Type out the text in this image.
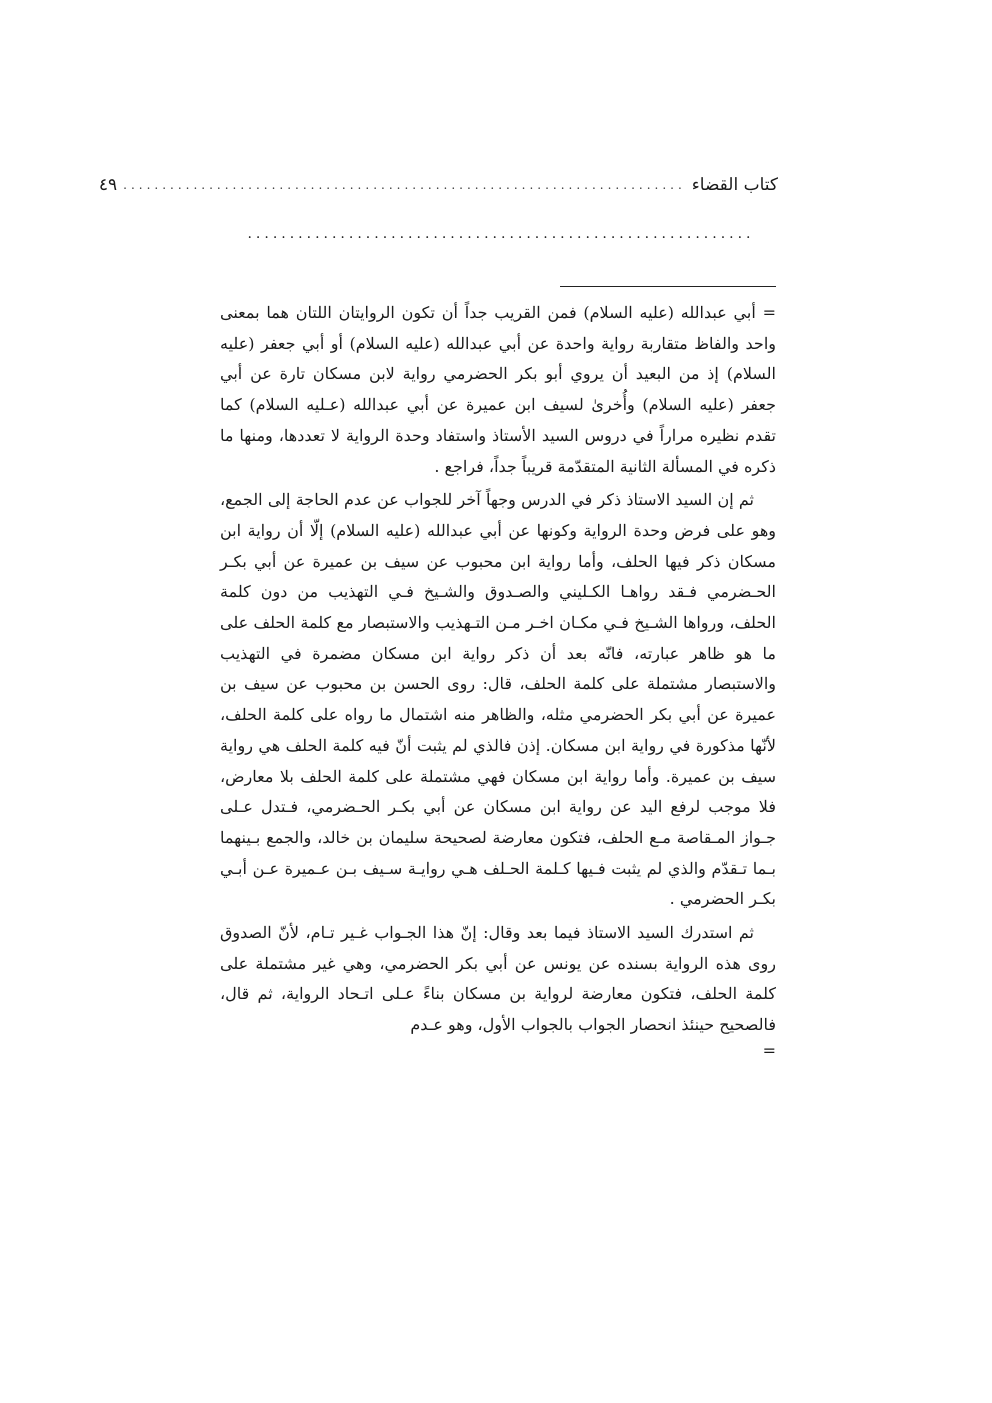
كتاب القضاء
........................................................................
٤٩
............................................................

= أبي عبدالله (عليه السلام) فمن القريب جداً أن تكون الروايتان اللتان هما بمعنى واحد والفاظ متقاربة رواية واحدة عن أبي عبدالله (عليه السلام) أو أبي جعفر (عليه السلام) إذ من البعيد أن يروي أبو بكر الحضرمي رواية لابن مسكان تارة عن أبي جعفر (عليه السلام) وأُخرىٰ لسيف ابن عميرة عن أبي عبدالله (عـليه السلام) كما تقدم نظيره مراراً في دروس السيد الأستاذ واستفاد وحدة الرواية لا تعددها، ومنها ما ذكره في المسألة الثانية المتقدّمة قريباً جداً، فراجع .

ثم إن السيد الاستاذ ذكر في الدرس وجهاً آخر للجواب عن عدم الحاجة إلى الجمع، وهو على فرض وحدة الرواية وكونها عن أبي عبدالله (عليه السلام) إلّا أن رواية ابن مسكان ذكر فيها الحلف، وأما رواية ابن محبوب عن سيف بن عميرة عن أبي بكـر الحـضرمي فـقد رواهـا الكـليني والصـدوق والشـيخ فـي التهذيب من دون كلمة الحلف، ورواها الشـيخ فـي مكـان اخـر مـن التـهذيب والاستبصار مع كلمة الحلف على ما هو ظاهر عبارته، فانّه بعد أن ذكر رواية ابن مسكان مضمرة في التهذيب والاستبصار مشتملة على كلمة الحلف، قال: روى الحسن بن محبوب عن سيف بن عميرة عن أبي بكر الحضرمي مثله، والظاهر منه اشتمال ما رواه على كلمة الحلف، لأنّها مذكورة في رواية ابن مسكان. إذن فالذي لم يثبت أنّ فيه كلمة الحلف هي رواية سيف بن عميرة. وأما رواية ابن مسكان فهي مشتملة على كلمة الحلف بلا معارض، فلا موجب لرفع اليد عن رواية ابن مسكان عن أبي بكـر الحـضرمي، فـتدل عـلى جـواز المـقاصة مـع الحلف، فتكون معارضة لصحيحة سليمان بن خالد، والجمع بـينهما بـما تـقدّم والذي لم يثبت فـيها كـلمة الحـلف هـي روايـة سـيف بـن عـميرة عـن أبـي بكـر الحضرمي .

ثم استدرك السيد الاستاذ فيما بعد وقال: إنّ هذا الجـواب غـير تـام، لأنّ الصدوق روى هذه الرواية بسنده عن يونس عن أبي بكر الحضرمي، وهي غير مشتملة على كلمة الحلف، فتكون معارضة لرواية بن مسكان بناءً عـلى اتـحاد الرواية، ثم قال، فالصحيح حينئذ انحصار الجواب بالجواب الأول، وهو عـدم

=
